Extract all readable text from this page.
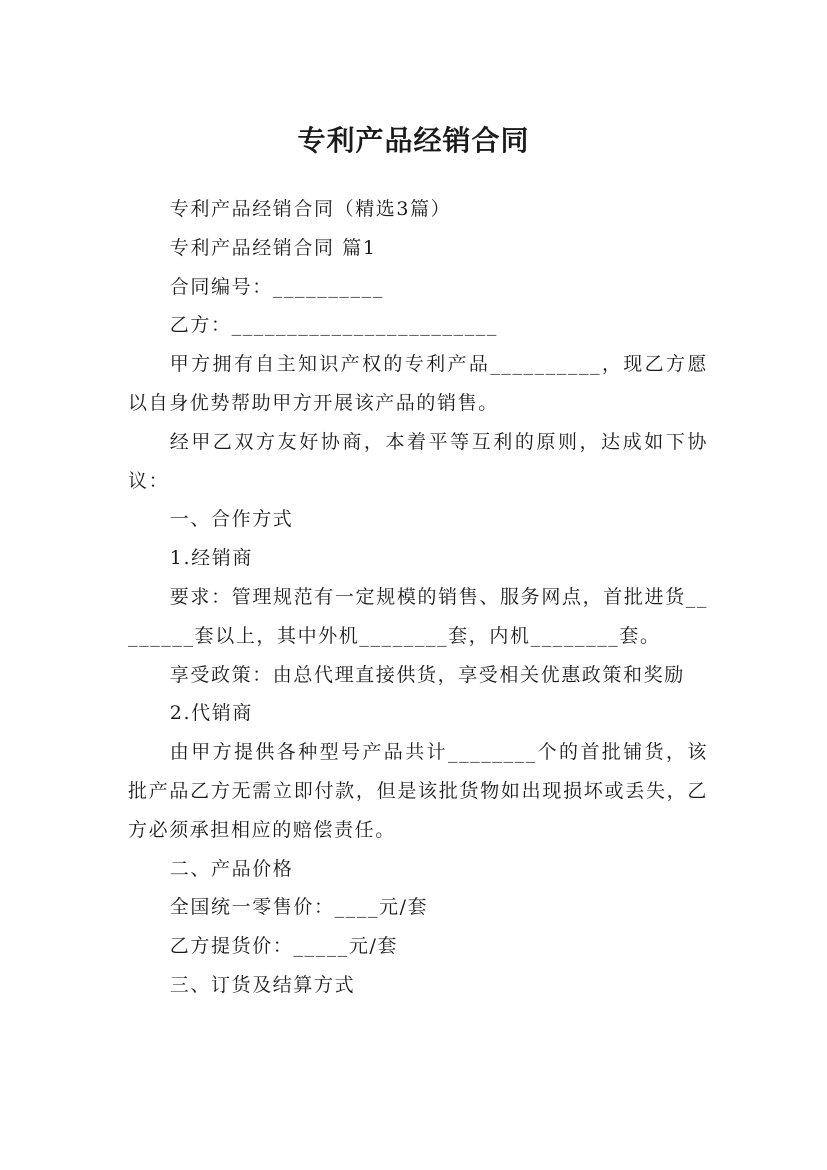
专利产品经销合同

专利产品经销合同（精选3篇）

专利产品经销合同 篇1

合同编号：__________

乙方：________________________

甲方拥有自主知识产权的专利产品__________，现乙方愿以自身优势帮助甲方开展该产品的销售。

经甲乙双方友好协商，本着平等互利的原则，达成如下协议：

一、合作方式

1.经销商

要求：管理规范有一定规模的销售、服务网点，首批进货________套以上，其中外机________套，内机________套。

享受政策：由总代理直接供货，享受相关优惠政策和奖励

2.代销商

由甲方提供各种型号产品共计________个的首批铺货，该批产品乙方无需立即付款，但是该批货物如出现损坏或丢失，乙方必须承担相应的赔偿责任。

二、产品价格

全国统一零售价：____元/套

乙方提货价：_____元/套

三、订货及结算方式
